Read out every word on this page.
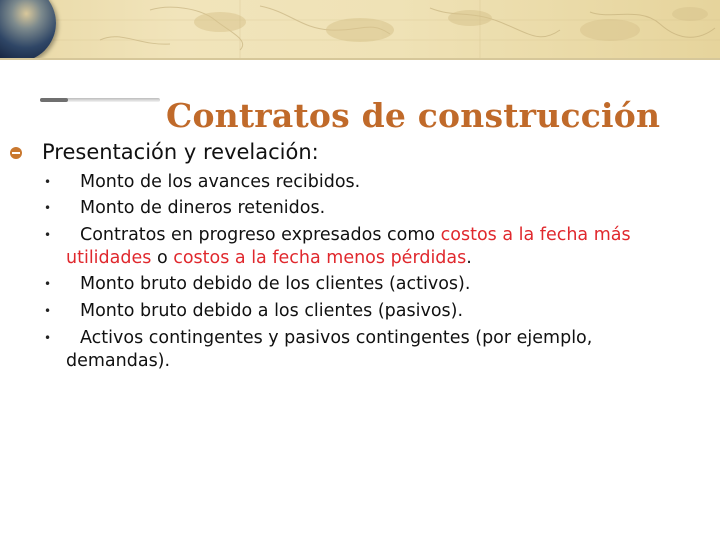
Contratos de construcción
Presentación y revelación:
• Monto de los avances recibidos.
• Monto de dineros retenidos.
• Contratos en progreso expresados como costos a la fecha más
utilidades o costos a la fecha menos pérdidas.
• Monto bruto debido de los clientes (activos).
• Monto bruto debido a los clientes (pasivos).
• Activos contingentes y pasivos contingentes (por ejemplo,
demandas).
